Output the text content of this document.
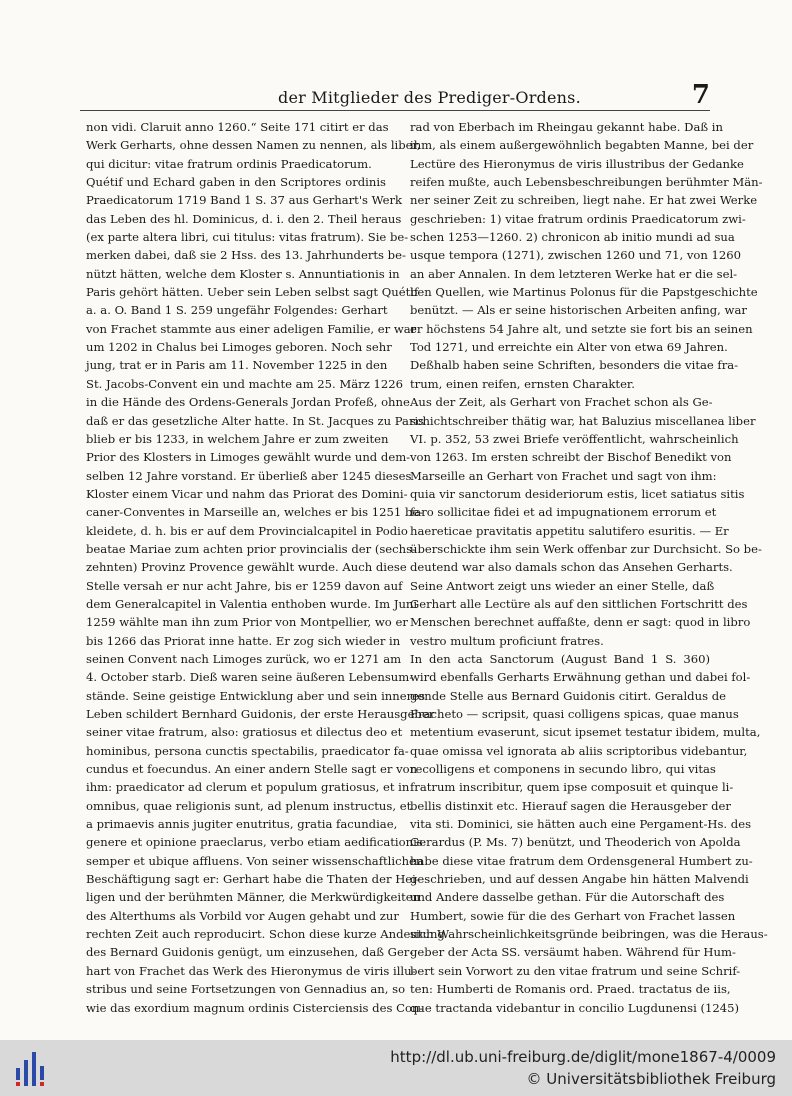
der Mitglieder des Prediger-Ordens.	7
non vidi. Claruit anno 1260.“ Seite 171 citirt er das
Werk Gerharts, ohne dessen Namen zu nennen, als liber,
qui dicitur: vitae fratrum ordinis Praedicatorum.
Quétif und Echard gaben in den Scriptores ordinis
Praedicatorum 1719 Band 1 S. 37 aus Gerhart's Werk
das Leben des hl. Dominicus, d. i. den 2. Theil heraus
(ex parte altera libri, cui titulus: vitas fratrum). Sie be-
merken dabei, daß sie 2 Hss. des 13. Jahrhunderts be-
nützt hätten, welche dem Kloster s. Annuntiationis in
Paris gehört hätten. Ueber sein Leben selbst sagt Quétif
a. a. O. Band 1 S. 259 ungefähr Folgendes: Gerhart
von Frachet stammte aus einer adeligen Familie, er war
um 1202 in Chalus bei Limoges geboren. Noch sehr
jung, trat er in Paris am 11. November 1225 in den
St. Jacobs-Convent ein und machte am 25. März 1226
in die Hände des Ordens-Generals Jordan Profeß, ohne
daß er das gesetzliche Alter hatte. In St. Jacques zu Paris
blieb er bis 1233, in welchem Jahre er zum zweiten
Prior des Klosters in Limoges gewählt wurde und dem-
selben 12 Jahre vorstand. Er überließ aber 1245 dieses
Kloster einem Vicar und nahm das Priorat des Domini-
caner-Conventes in Marseille an, welches er bis 1251 be-
kleidete, d. h. bis er auf dem Provincialcapitel in Podio
beatae Mariae zum achten prior provincialis der (sechs-
zehnten) Provinz Provence gewählt wurde. Auch diese
Stelle versah er nur acht Jahre, bis er 1259 davon auf
dem Generalcapitel in Valentia enthoben wurde. Im Juni
1259 wählte man ihn zum Prior von Montpellier, wo er
bis 1266 das Priorat inne hatte. Er zog sich wieder in
seinen Convent nach Limoges zurück, wo er 1271 am
4. October starb. Dieß waren seine äußeren Lebensum-
stände. Seine geistige Entwicklung aber und sein inneres
Leben schildert Bernhard Guidonis, der erste Herausgeber
seiner vitae fratrum, also: gratiosus et dilectus deo et
hominibus, persona cunctis spectabilis, praedicator fa-
cundus et foecundus. An einer andern Stelle sagt er von
ihm: praedicator ad clerum et populum gratiosus, et in
omnibus, quae religionis sunt, ad plenum instructus, et
a primaevis annis jugiter enutritus, gratia facundiae,
genere et opinione praeclarus, verbo etiam aedificationis
semper et ubique affluens. Von seiner wissenschaftlichen
Beschäftigung sagt er: Gerhart habe die Thaten der Hei-
ligen und der berühmten Männer, die Merkwürdigkeiten
des Alterthums als Vorbild vor Augen gehabt und zur
rechten Zeit auch reproducirt. Schon diese kurze Andeutung
des Bernard Guidonis genügt, um einzusehen, daß Ger-
hart von Frachet das Werk des Hieronymus de viris illu-
stribus und seine Fortsetzungen von Gennadius an, so
wie das exordium magnum ordinis Cisterciensis des Con-
rad von Eberbach im Rheingau gekannt habe. Daß in
ihm, als einem außergewöhnlich begabten Manne, bei der
Lectüre des Hieronymus de viris illustribus der Gedanke
reifen mußte, auch Lebensbeschreibungen berühmter Män-
ner seiner Zeit zu schreiben, liegt nahe. Er hat zwei Werke
geschrieben: 1) vitae fratrum ordinis Praedicatorum zwi-
schen 1253—1260. 2) chronicon ab initio mundi ad sua
usque tempora (1271), zwischen 1260 und 71, von 1260
an aber Annalen. In dem letzteren Werke hat er die sel-
ben Quellen, wie Martinus Polonus für die Papstgeschichte
benützt. — Als er seine historischen Arbeiten anfing, war
er höchstens 54 Jahre alt, und setzte sie fort bis an seinen
Tod 1271, und erreichte ein Alter von etwa 69 Jahren.
Deßhalb haben seine Schriften, besonders die vitae fra-
trum, einen reifen, ernsten Charakter.
Aus der Zeit, als Gerhart von Frachet schon als Ge-
schichtschreiber thätig war, hat Baluzius miscellanea liber
VI. p. 352, 53 zwei Briefe veröffentlicht, wahrscheinlich
von 1263. Im ersten schreibt der Bischof Benedikt von
Marseille an Gerhart von Frachet und sagt von ihm:
quia vir sanctorum desideriorum estis, licet satiatus sitis
faro sollicitae fidei et ad impugnationem errorum et
haereticae pravitatis appetitu salutifero esuritis. — Er
überschickte ihm sein Werk offenbar zur Durchsicht. So be-
deutend war also damals schon das Ansehen Gerharts.
Seine Antwort zeigt uns wieder an einer Stelle, daß
Gerhart alle Lectüre als auf den sittlichen Fortschritt des
Menschen berechnet auffaßte, denn er sagt: quod in libro
vestro multum proficiunt fratres.
In den acta Sanctorum (August Band 1 S. 360)
wird ebenfalls Gerharts Erwähnung gethan und dabei fol-
gende Stelle aus Bernard Guidonis citirt. Geraldus de
Fracheto — scripsit, quasi colligens spicas, quae manus
metentium evaserunt, sicut ipsemet testatur ibidem, multa,
quae omissa vel ignorata ab aliis scriptoribus videbantur,
recolligens et componens in secundo libro, qui vitas
fratrum inscribitur, quem ipse composuit et quinque li-
bellis distinxit etc. Hierauf sagen die Herausgeber der
vita sti. Dominici, sie hätten auch eine Pergament-Hs. des
Gerardus (P. Ms. 7) benützt, und Theoderich von Apolda
habe diese vitae fratrum dem Ordensgeneral Humbert zu-
geschrieben, und auf dessen Angabe hin hätten Malvendi
und Andere dasselbe gethan. Für die Autorschaft des
Humbert, sowie für die des Gerhart von Frachet lassen
sich Wahrscheinlichkeitsgründe beibringen, was die Heraus-
geber der Acta SS. versäumt haben. Während für Hum-
bert sein Vorwort zu den vitae fratrum und seine Schrif-
ten: Humberti de Romanis ord. Praed. tractatus de iis,
que tractanda videbantur in concilio Lugdunensi (1245)
http://dl.ub.uni-freiburg.de/diglit/mone1867-4/0009
© Universitätsbibliothek Freiburg
